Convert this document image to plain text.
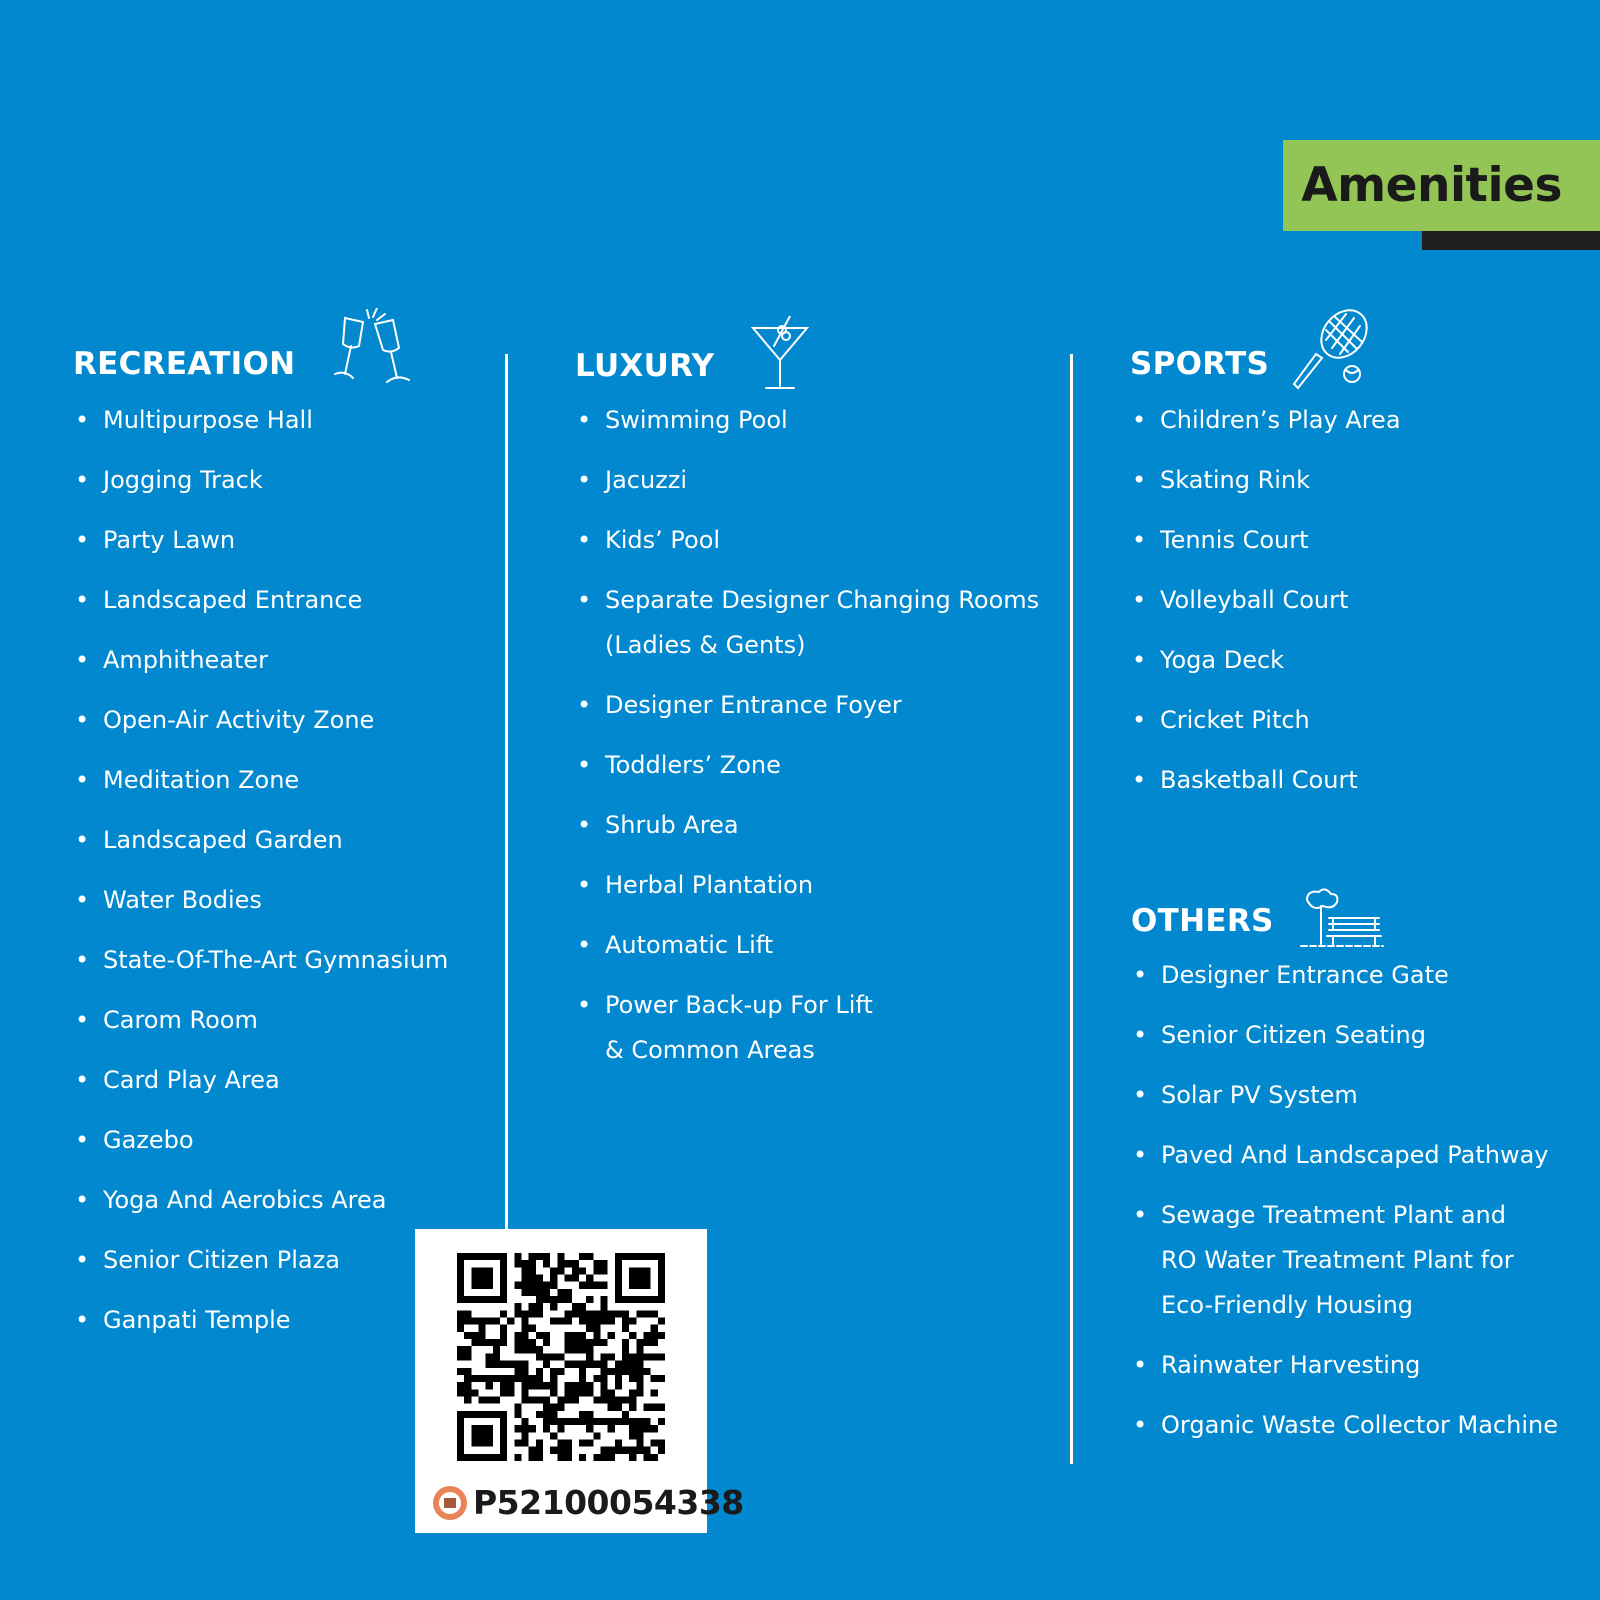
Amenities
RECREATION
• Multipurpose Hall
• Jogging Track
• Party Lawn
• Landscaped Entrance
• Amphitheater
• Open-Air Activity Zone
• Meditation Zone
• Landscaped Garden
• Water Bodies
• State-Of-The-Art Gymnasium
• Carom Room
• Card Play Area
• Gazebo
• Yoga And Aerobics Area
• Senior Citizen Plaza
• Ganpati Temple
LUXURY
• Swimming Pool
• Jacuzzi
• Kids’ Pool
• Separate Designer Changing Rooms
(Ladies & Gents)
• Designer Entrance Foyer
• Toddlers’ Zone
• Shrub Area
• Herbal Plantation
• Automatic Lift
• Power Back-up For Lift
& Common Areas
SPORTS
• Children’s Play Area
• Skating Rink
• Tennis Court
• Volleyball Court
• Yoga Deck
• Cricket Pitch
• Basketball Court
OTHERS
• Designer Entrance Gate
• Senior Citizen Seating
• Solar PV System
• Paved And Landscaped Pathway
• Sewage Treatment Plant and
RO Water Treatment Plant for
Eco-Friendly Housing
• Rainwater Harvesting
• Organic Waste Collector Machine
P52100054338
